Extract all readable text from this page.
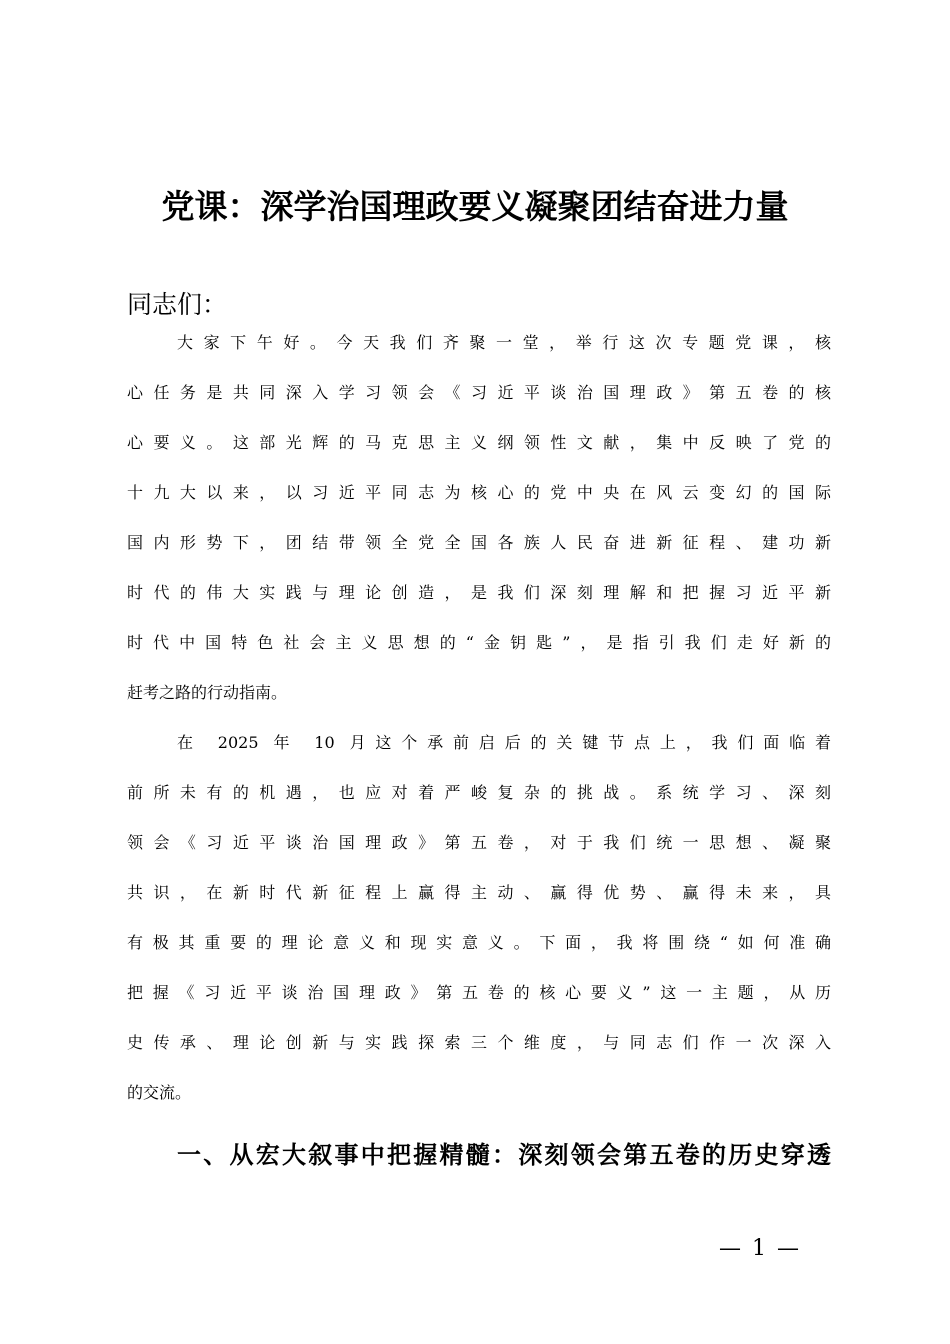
党课：深学治国理政要义凝聚团结奋进力量

同志们：

大家下午好。今天我们齐聚一堂，举行这次专题党课，核
心任务是共同深入学习领会《习近平谈治国理政》第五卷的核
心要义。这部光辉的马克思主义纲领性文献，集中反映了党的
十九大以来，以习近平同志为核心的党中央在风云变幻的国际
国内形势下，团结带领全党全国各族人民奋进新征程、建功新
时代的伟大实践与理论创造，是我们深刻理解和把握习近平新
时代中国特色社会主义思想的“金钥匙”，是指引我们走好新的
赶考之路的行动指南。
在 2025 年 10 月这个承前启后的关键节点上，我们面临着
前所未有的机遇，也应对着严峻复杂的挑战。系统学习、深刻
领会《习近平谈治国理政》第五卷，对于我们统一思想、凝聚
共识，在新时代新征程上赢得主动、赢得优势、赢得未来，具
有极其重要的理论意义和现实意义。下面，我将围绕“如何准确
把握《习近平谈治国理政》第五卷的核心要义”这一主题，从历
史传承、理论创新与实践探索三个维度，与同志们作一次深入
的交流。

一、从宏大叙事中把握精髓：深刻领会第五卷的历史穿透

— 1 —
